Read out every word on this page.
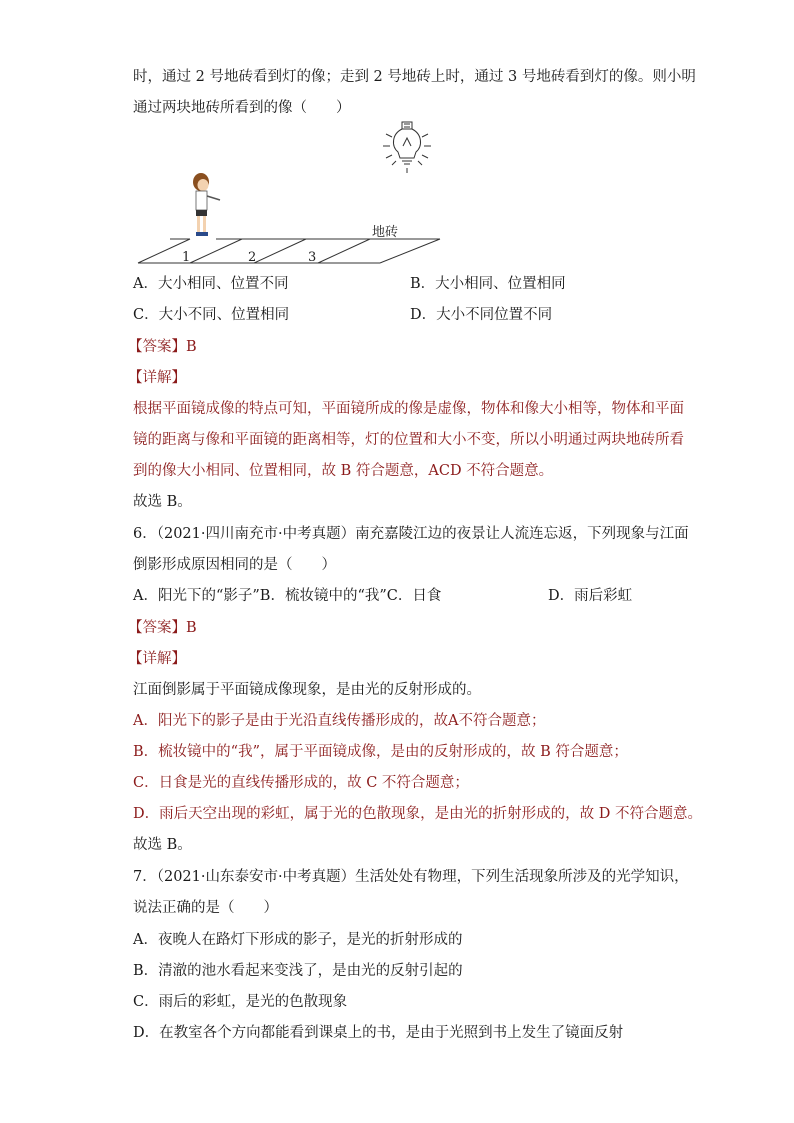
时，通过 2 号地砖看到灯的像；走到 2 号地砖上时，通过 3 号地砖看到灯的像。则小明
通过两块地砖所看到的像（　　）
1	2	3
地砖
A．大小相同、位置不同	B．大小相同、位置相同
C．大小不同、位置相同	D．大小不同位置不同
【答案】B
【详解】
根据平面镜成像的特点可知，平面镜所成的像是虚像，物体和像大小相等，物体和平面
镜的距离与像和平面镜的距离相等，灯的位置和大小不变，所以小明通过两块地砖所看
到的像大小相同、位置相同，故 B 符合题意，ACD 不符合题意。
故选 B。
6．（2021·四川南充市·中考真题）南充嘉陵江边的夜景让人流连忘返，下列现象与江面
倒影形成原因相同的是（　　）
A．阳光下的“影子”B．梳妆镜中的“我”C．日食	D．雨后彩虹
【答案】B
【详解】
江面倒影属于平面镜成像现象，是由光的反射形成的。
A．阳光下的影子是由于光沿直线传播形成的，故A不符合题意；
B．梳妆镜中的“我”，属于平面镜成像，是由的反射形成的，故 B 符合题意；
C．日食是光的直线传播形成的，故 C 不符合题意；
D．雨后天空出现的彩虹，属于光的色散现象，是由光的折射形成的，故 D 不符合题意。
故选 B。
7．（2021·山东泰安市·中考真题）生活处处有物理，下列生活现象所涉及的光学知识，
说法正确的是（　　）
A．夜晚人在路灯下形成的影子，是光的折射形成的
B．清澈的池水看起来变浅了，是由光的反射引起的
C．雨后的彩虹，是光的色散现象
D．在教室各个方向都能看到课桌上的书，是由于光照到书上发生了镜面反射
